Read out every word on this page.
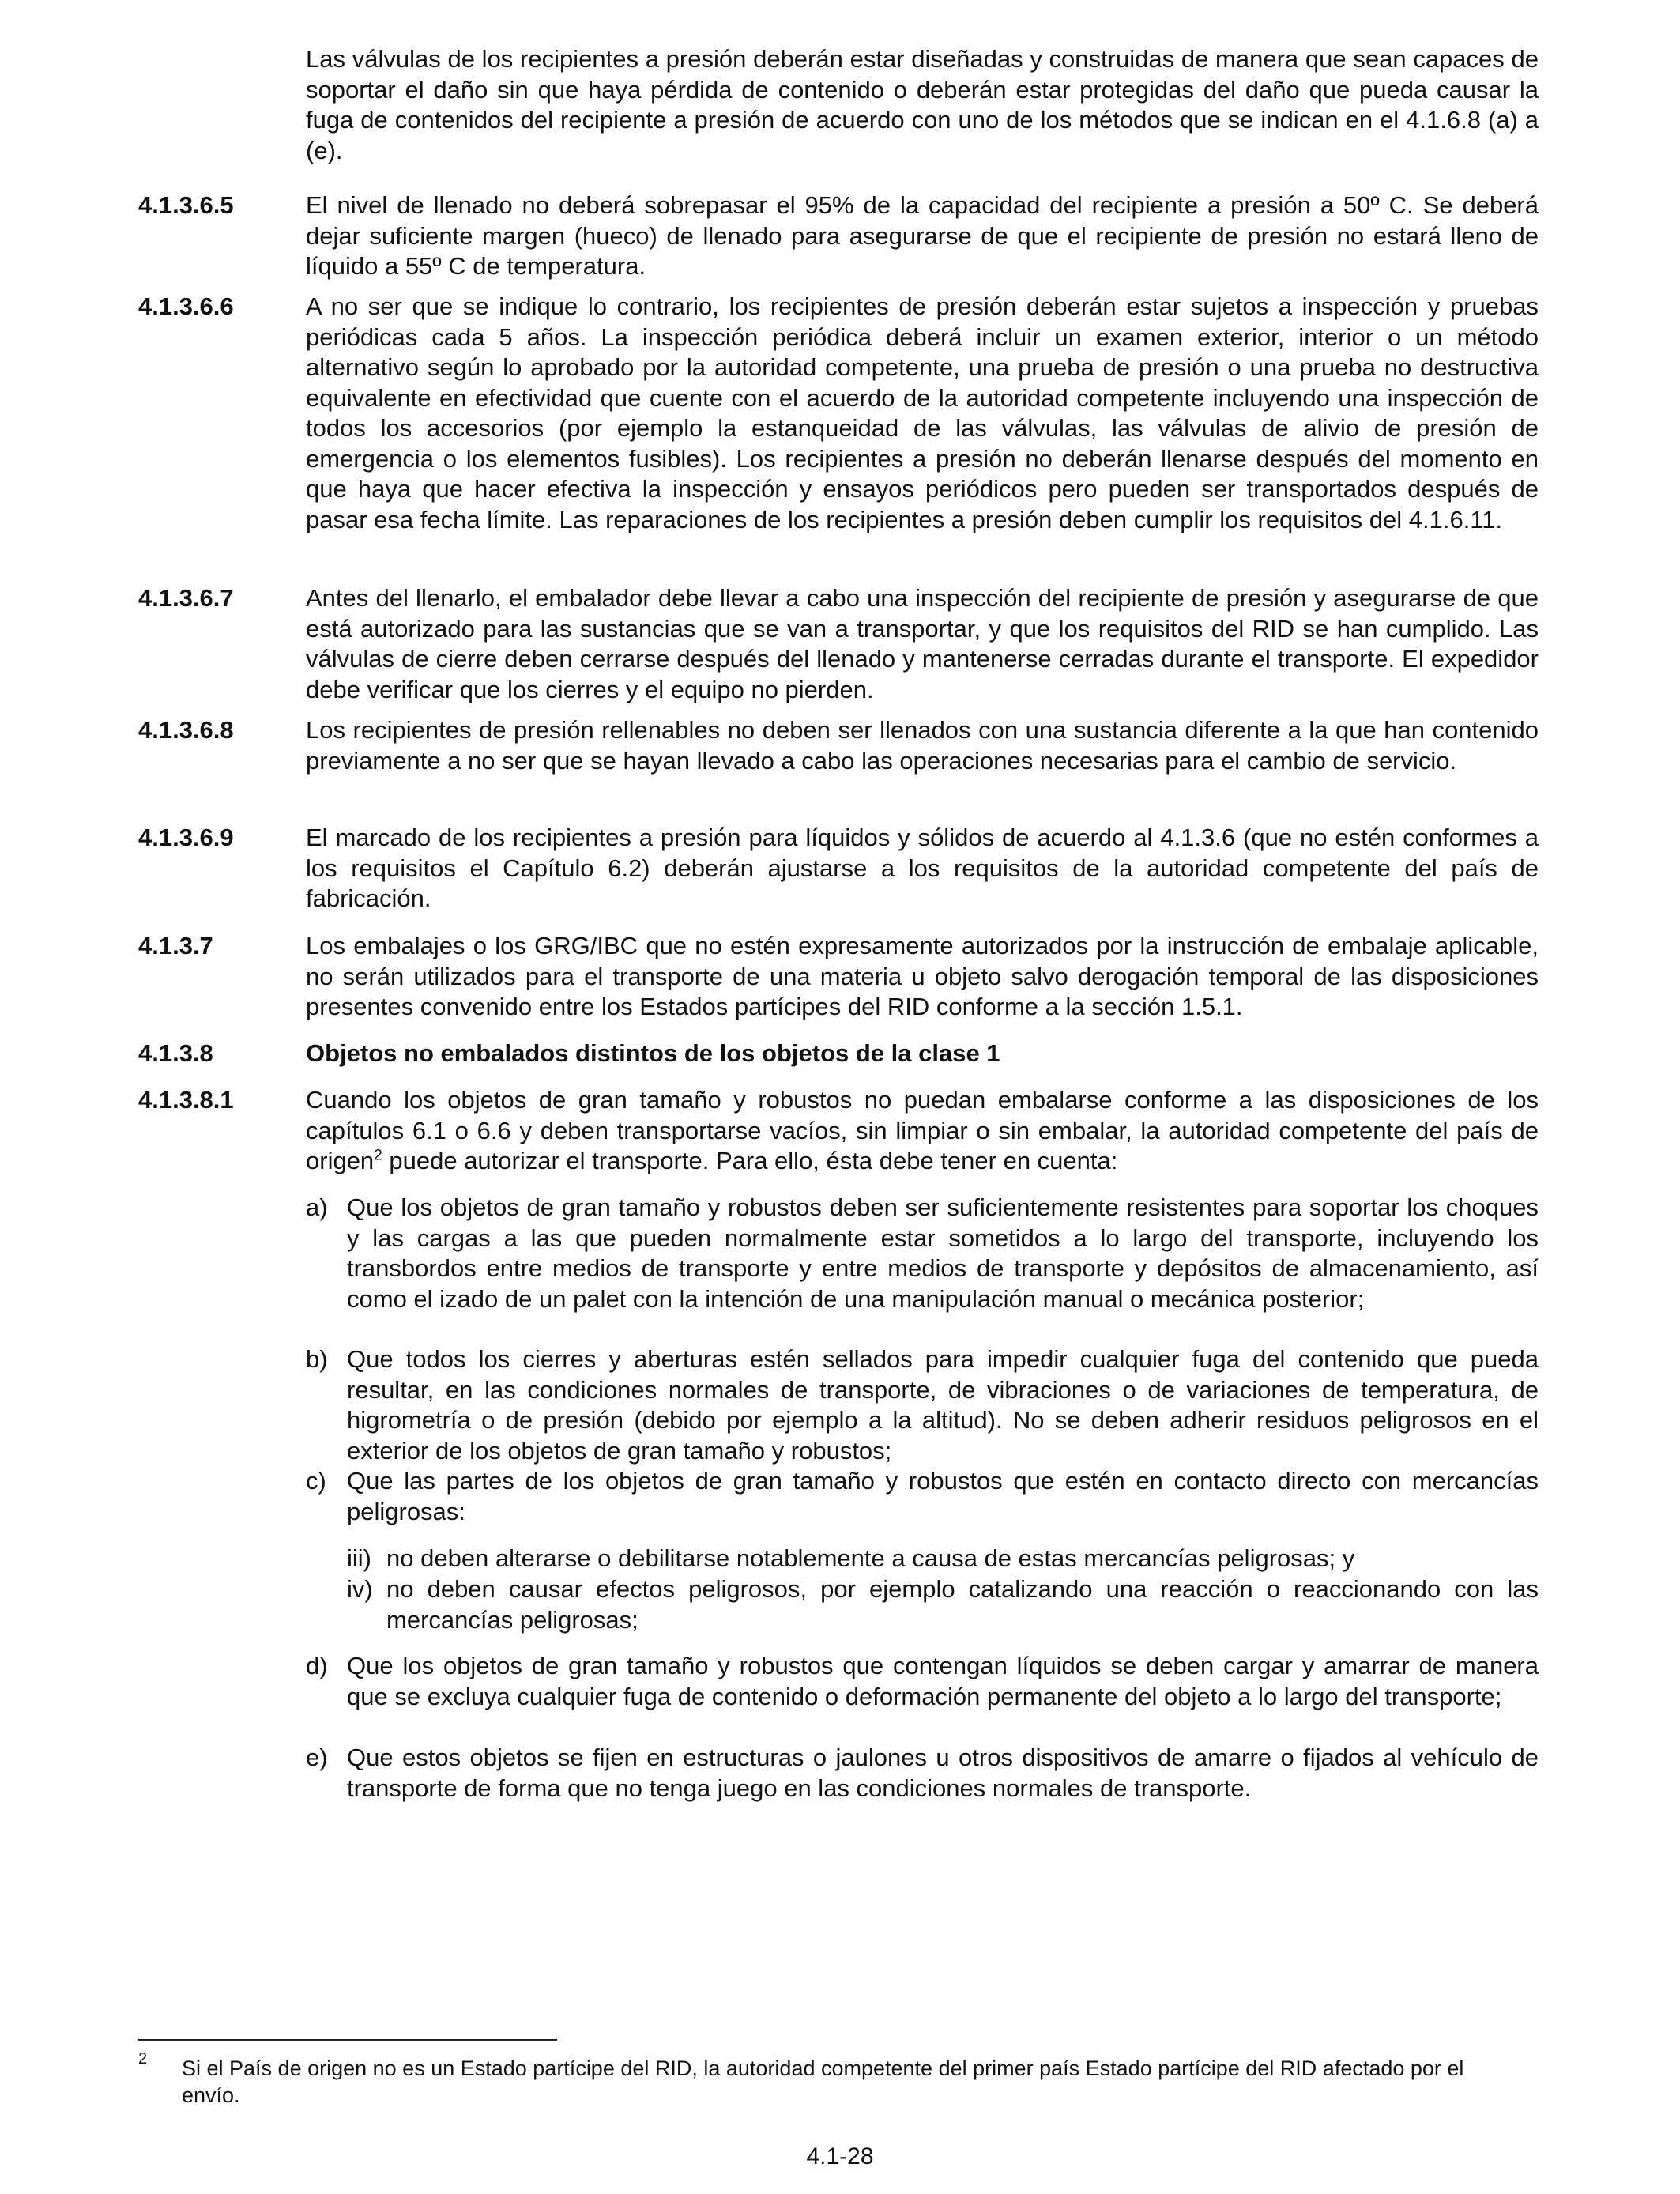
Las válvulas de los recipientes a presión deberán estar diseñadas y construidas de manera que sean capaces de soportar el daño sin que haya pérdida de contenido o deberán estar protegidas del daño que pueda causar la fuga de contenidos del recipiente a presión de acuerdo con uno de los métodos que se indican en el 4.1.6.8 (a) a (e).
4.1.3.6.5	El nivel de llenado no deberá sobrepasar el 95% de la capacidad del recipiente a presión a 50º C. Se deberá dejar suficiente margen (hueco) de llenado para asegurarse de que el recipiente de presión no estará lleno de líquido a 55º C de temperatura.
4.1.3.6.6	A no ser que se indique lo contrario, los recipientes de presión deberán estar sujetos a inspección y pruebas periódicas cada 5 años. La inspección periódica deberá incluir un examen exterior, interior o un método alternativo según lo aprobado por la autoridad competente, una prueba de presión o una prueba no destructiva equivalente en efectividad que cuente con el acuerdo de la autoridad competente incluyendo una inspección de todos los accesorios (por ejemplo la estanqueidad de las válvulas, las válvulas de alivio de presión de emergencia o los elementos fusibles). Los recipientes a presión no deberán llenarse después del momento en que haya que hacer efectiva la inspección y ensayos periódicos pero pueden ser transportados después de pasar esa fecha límite. Las reparaciones de los recipientes a presión deben cumplir los requisitos del 4.1.6.11.
4.1.3.6.7	Antes del llenarlo, el embalador debe llevar a cabo una inspección del recipiente de presión y asegurarse de que está autorizado para las sustancias que se van a transportar, y que los requisitos del RID se han cumplido. Las válvulas de cierre deben cerrarse después del llenado y mantenerse cerradas durante el transporte. El expedidor debe verificar que los cierres y el equipo no pierden.
4.1.3.6.8	Los recipientes de presión rellenables no deben ser llenados con una sustancia diferente a la que han contenido previamente a no ser que se hayan llevado a cabo las operaciones necesarias para el cambio de servicio.
4.1.3.6.9	El marcado de los recipientes a presión para líquidos y sólidos de acuerdo al 4.1.3.6 (que no estén conformes a los requisitos el Capítulo 6.2) deberán ajustarse a los requisitos de la autoridad competente del país de fabricación.
4.1.3.7	Los embalajes o los GRG/IBC que no estén expresamente autorizados por la instrucción de embalaje aplicable, no serán utilizados para el transporte de una materia u objeto salvo derogación temporal de las disposiciones presentes convenido entre los Estados partícipes del RID conforme a la sección 1.5.1.
4.1.3.8	Objetos no embalados distintos de los objetos de la clase 1
4.1.3.8.1	Cuando los objetos de gran tamaño y robustos no puedan embalarse conforme a las disposiciones de los capítulos 6.1 o 6.6 y deben transportarse vacíos, sin limpiar o sin embalar, la autoridad competente del país de origen$^2$ puede autorizar el transporte. Para ello, ésta debe tener en cuenta:
a) Que los objetos de gran tamaño y robustos deben ser suficientemente resistentes para soportar los choques y las cargas a las que pueden normalmente estar sometidos a lo largo del transporte, incluyendo los transbordos entre medios de transporte y entre medios de transporte y depósitos de almacenamiento, así como el izado de un palet con la intención de una manipulación manual o mecánica posterior;
b) Que todos los cierres y aberturas estén sellados para impedir cualquier fuga del contenido que pueda resultar, en las condiciones normales de transporte, de vibraciones o de variaciones de temperatura, de higrometría o de presión (debido por ejemplo a la altitud). No se deben adherir residuos peligrosos en el exterior de los objetos de gran tamaño y robustos;
c) Que las partes de los objetos de gran tamaño y robustos que estén en contacto directo con mercancías peligrosas:
iii) no deben alterarse o debilitarse notablemente a causa de estas mercancías peligrosas; y
iv) no deben causar efectos peligrosos, por ejemplo catalizando una reacción o reaccionando con las mercancías peligrosas;
d) Que los objetos de gran tamaño y robustos que contengan líquidos se deben cargar y amarrar de manera que se excluya cualquier fuga de contenido o deformación permanente del objeto a lo largo del transporte;
e) Que estos objetos se fijen en estructuras o jaulones u otros dispositivos de amarre o fijados al vehículo de transporte de forma que no tenga juego en las condiciones normales de transporte.
2 Si el País de origen no es un Estado partícipe del RID, la autoridad competente del primer país Estado partícipe del RID afectado por el envío.
4.1-28
